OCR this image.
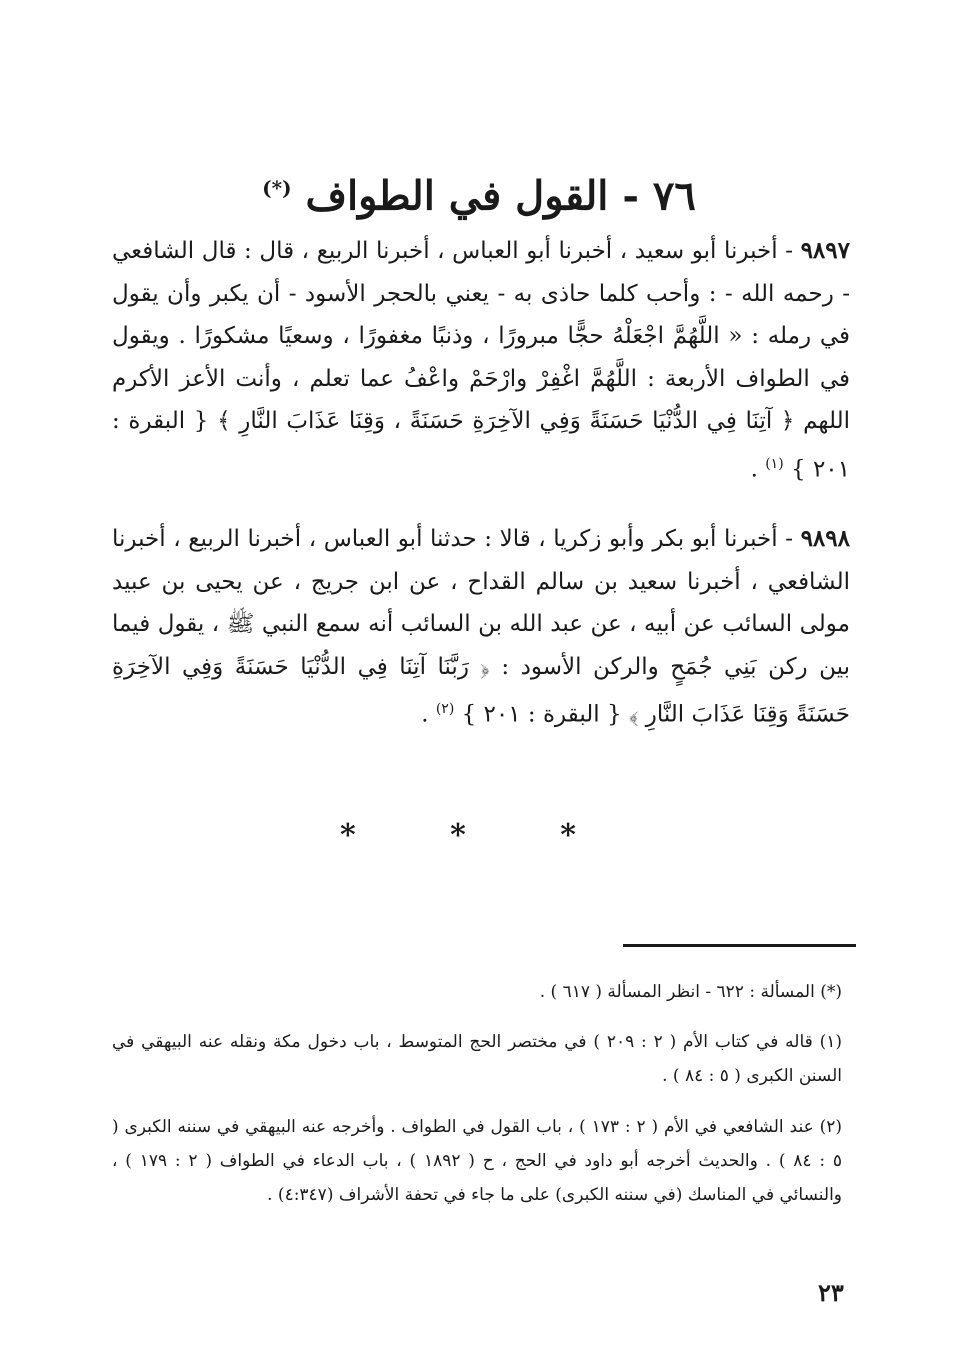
٧٦ - القول في الطواف (*)
٩٨٩٧ - أخبرنا أبو سعيد ، أخبرنا أبو العباس ، أخبرنا الربيع ، قال : قال الشافعي - رحمه الله - : وأحب كلما حاذى به - يعني بالحجر الأسود - أن يكبر وأن يقول في رمله : « اللَّهُمَّ اجْعَلْهُ حجًّا مبرورًا ، وذنبًا مغفورًا ، وسعيًا مشكورًا . ويقول في الطواف الأربعة : اللَّهُمَّ اغْفِرْ وارْحَمْ واعْفُ عما تعلم ، وأنت الأعز الأكرم اللهم ﴿ آتِنَا فِي الدُّنْيَا حَسَنَةً وَفِي الآخِرَةِ حَسَنَةً ، وَقِنَا عَذَابَ النَّارِ ﴾ { البقرة : ٢٠١ } $^{(١)}$ .
٩٨٩٨ - أخبرنا أبو بكر وأبو زكريا ، قالا : حدثنا أبو العباس ، أخبرنا الربيع ، أخبرنا الشافعي ، أخبرنا سعيد بن سالم القداح ، عن ابن جريج ، عن يحيى بن عبيد مولى السائب عن أبيه ، عن عبد الله بن السائب أنه سمع النبي ﷺ ، يقول فيما بين ركن بَنِي جُمَحٍ والركن الأسود : ﴿ رَبَّنَا آتِنَا فِي الدُّنْيَا حَسَنَةً وَفِي الآخِرَةِ حَسَنَةً وَقِنَا عَذَابَ النَّارِ ﴾ { البقرة : ٢٠١ } $^{(٢)}$ .
* * *
(*) المسألة : ٦٢٢ - انظر المسألة ( ٦١٧ ) .
(١) قاله في كتاب الأم ( ٢ : ٢٠٩ ) في مختصر الحج المتوسط ، باب دخول مكة ونقله عنه البيهقي في السنن الكبرى ( ٥ : ٨٤ ) .
(٢) عند الشافعي في الأم ( ٢ : ١٧٣ ) ، باب القول في الطواف . وأخرجه عنه البيهقي في سننه الكبرى ( ٥ : ٨٤ ) . والحديث أخرجه أبو داود في الحج ، ح ( ١٨٩٢ ) ، باب الدعاء في الطواف ( ٢ : ١٧٩ ) ، والنسائي في المناسك (في سننه الكبرى) على ما جاء في تحفة الأشراف (٤:٣٤٧) .
٢٣
